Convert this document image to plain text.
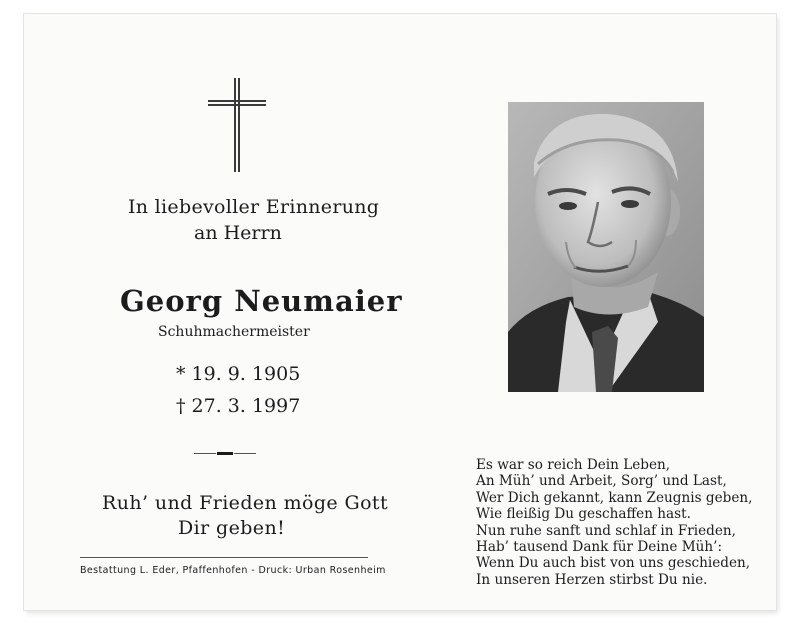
In liebevoller Erinnerung
an Herrn
Georg Neumaier
Schuhmachermeister
* 19. 9. 1905
† 27. 3. 1997
Ruh’ und Frieden möge Gott
Dir geben!
Bestattung L. Eder, Pfaffenhofen - Druck: Urban Rosenheim
Es war so reich Dein Leben,
An Müh’ und Arbeit, Sorg’ und Last,
Wer Dich gekannt, kann Zeugnis geben,
Wie fleißig Du geschaffen hast.
Nun ruhe sanft und schlaf in Frieden,
Hab’ tausend Dank für Deine Müh’:
Wenn Du auch bist von uns geschieden,
In unseren Herzen stirbst Du nie.
